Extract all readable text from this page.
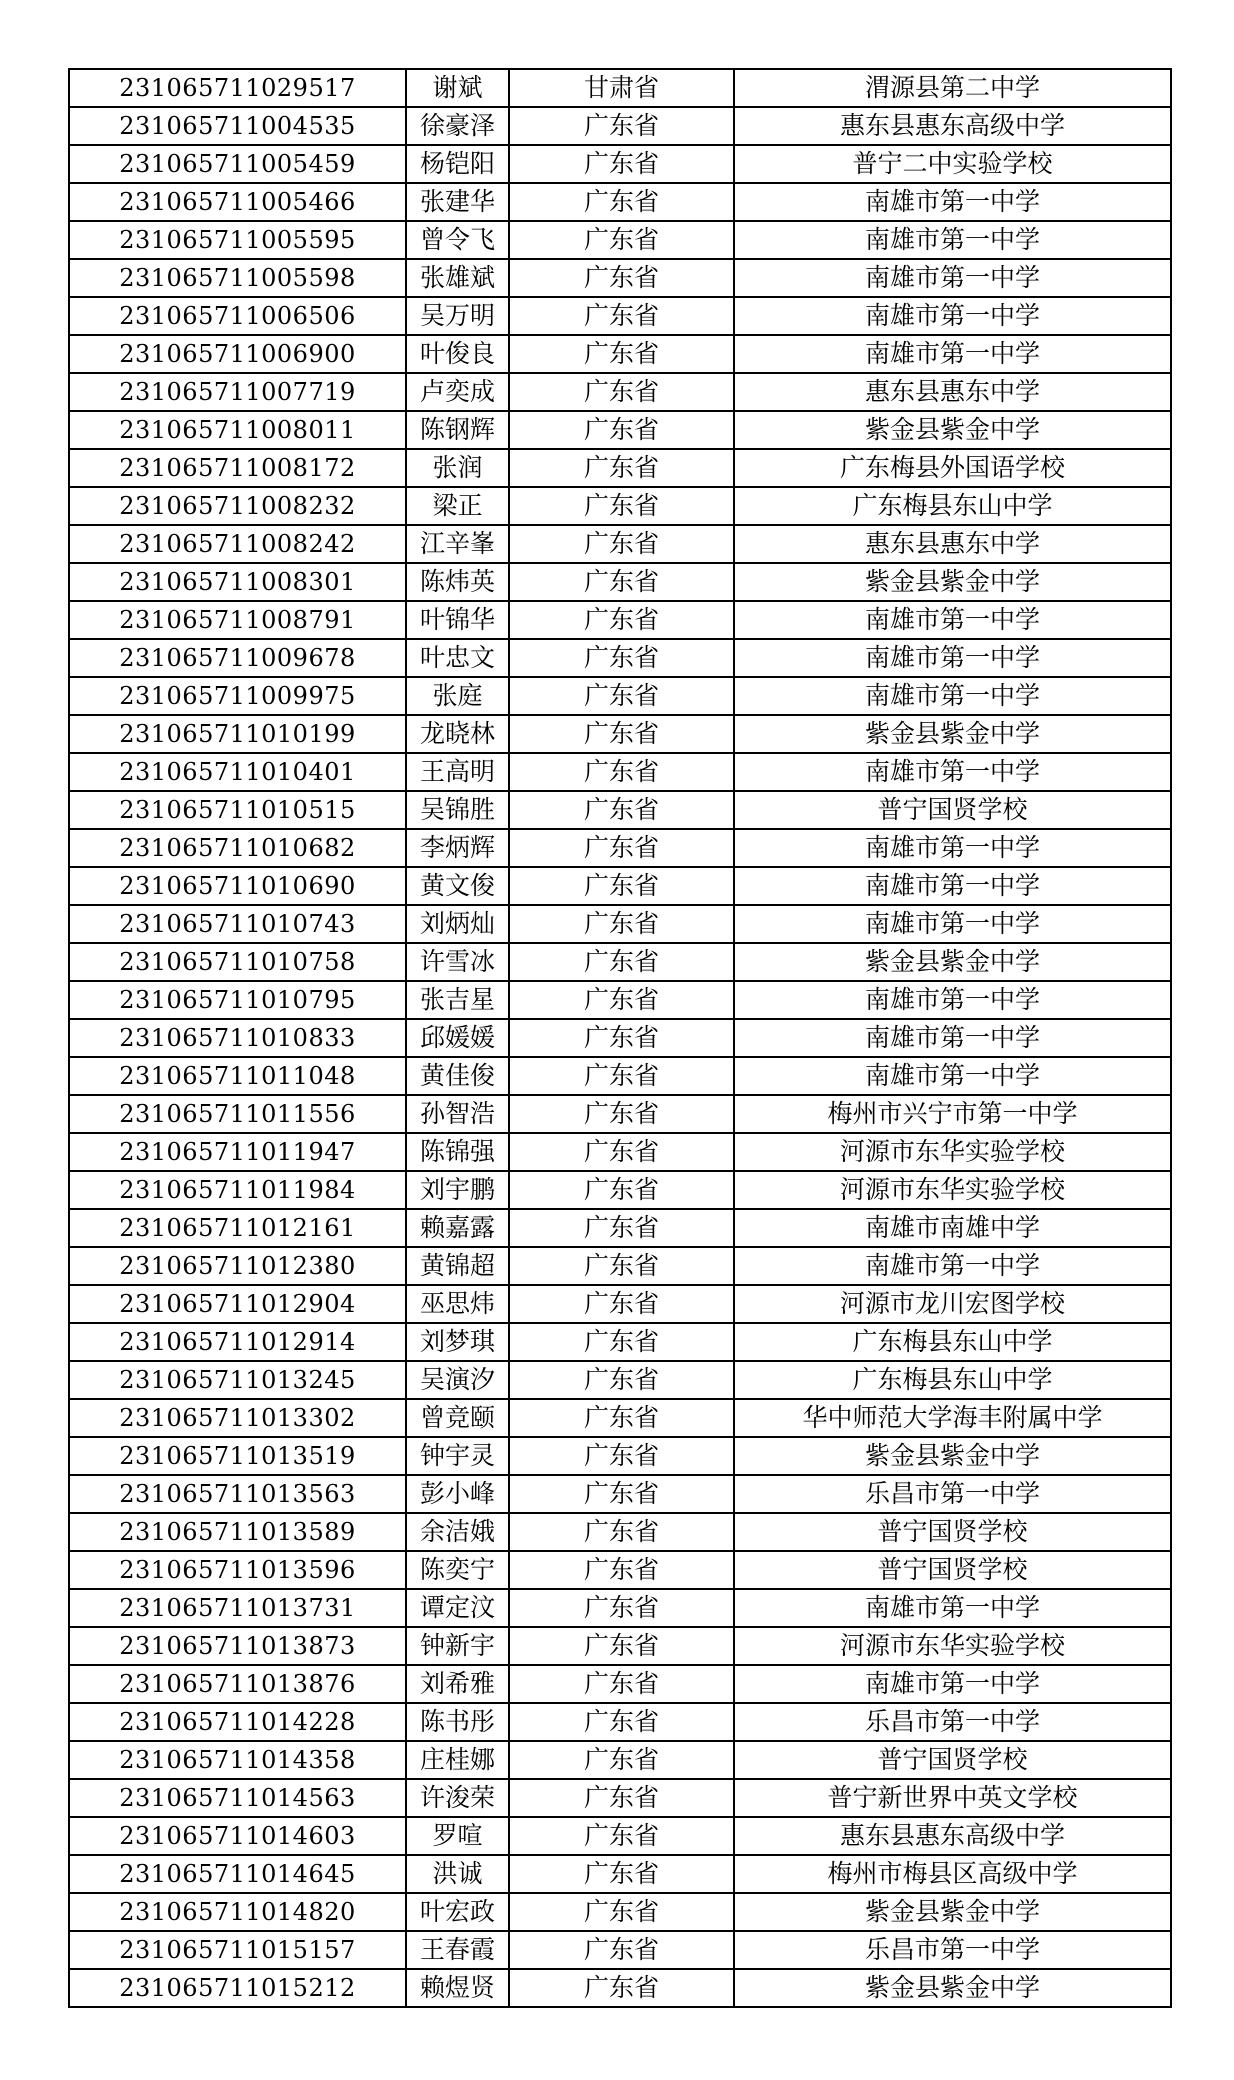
231065711029517	谢斌	甘肃省	渭源县第二中学
231065711004535	徐豪泽	广东省	惠东县惠东高级中学
231065711005459	杨铠阳	广东省	普宁二中实验学校
231065711005466	张建华	广东省	南雄市第一中学
231065711005595	曾令飞	广东省	南雄市第一中学
231065711005598	张雄斌	广东省	南雄市第一中学
231065711006506	吴万明	广东省	南雄市第一中学
231065711006900	叶俊良	广东省	南雄市第一中学
231065711007719	卢奕成	广东省	惠东县惠东中学
231065711008011	陈钢辉	广东省	紫金县紫金中学
231065711008172	张润	广东省	广东梅县外国语学校
231065711008232	梁正	广东省	广东梅县东山中学
231065711008242	江辛峯	广东省	惠东县惠东中学
231065711008301	陈炜英	广东省	紫金县紫金中学
231065711008791	叶锦华	广东省	南雄市第一中学
231065711009678	叶忠文	广东省	南雄市第一中学
231065711009975	张庭	广东省	南雄市第一中学
231065711010199	龙晓林	广东省	紫金县紫金中学
231065711010401	王高明	广东省	南雄市第一中学
231065711010515	吴锦胜	广东省	普宁国贤学校
231065711010682	李炳辉	广东省	南雄市第一中学
231065711010690	黄文俊	广东省	南雄市第一中学
231065711010743	刘炳灿	广东省	南雄市第一中学
231065711010758	许雪冰	广东省	紫金县紫金中学
231065711010795	张吉星	广东省	南雄市第一中学
231065711010833	邱媛媛	广东省	南雄市第一中学
231065711011048	黄佳俊	广东省	南雄市第一中学
231065711011556	孙智浩	广东省	梅州市兴宁市第一中学
231065711011947	陈锦强	广东省	河源市东华实验学校
231065711011984	刘宇鹏	广东省	河源市东华实验学校
231065711012161	赖嘉露	广东省	南雄市南雄中学
231065711012380	黄锦超	广东省	南雄市第一中学
231065711012904	巫思炜	广东省	河源市龙川宏图学校
231065711012914	刘梦琪	广东省	广东梅县东山中学
231065711013245	吴演汐	广东省	广东梅县东山中学
231065711013302	曾竞颐	广东省	华中师范大学海丰附属中学
231065711013519	钟宇灵	广东省	紫金县紫金中学
231065711013563	彭小峰	广东省	乐昌市第一中学
231065711013589	余洁娥	广东省	普宁国贤学校
231065711013596	陈奕宁	广东省	普宁国贤学校
231065711013731	谭定汶	广东省	南雄市第一中学
231065711013873	钟新宇	广东省	河源市东华实验学校
231065711013876	刘希雅	广东省	南雄市第一中学
231065711014228	陈书彤	广东省	乐昌市第一中学
231065711014358	庄桂娜	广东省	普宁国贤学校
231065711014563	许浚荣	广东省	普宁新世界中英文学校
231065711014603	罗喧	广东省	惠东县惠东高级中学
231065711014645	洪诚	广东省	梅州市梅县区高级中学
231065711014820	叶宏政	广东省	紫金县紫金中学
231065711015157	王春霞	广东省	乐昌市第一中学
231065711015212	赖煜贤	广东省	紫金县紫金中学
